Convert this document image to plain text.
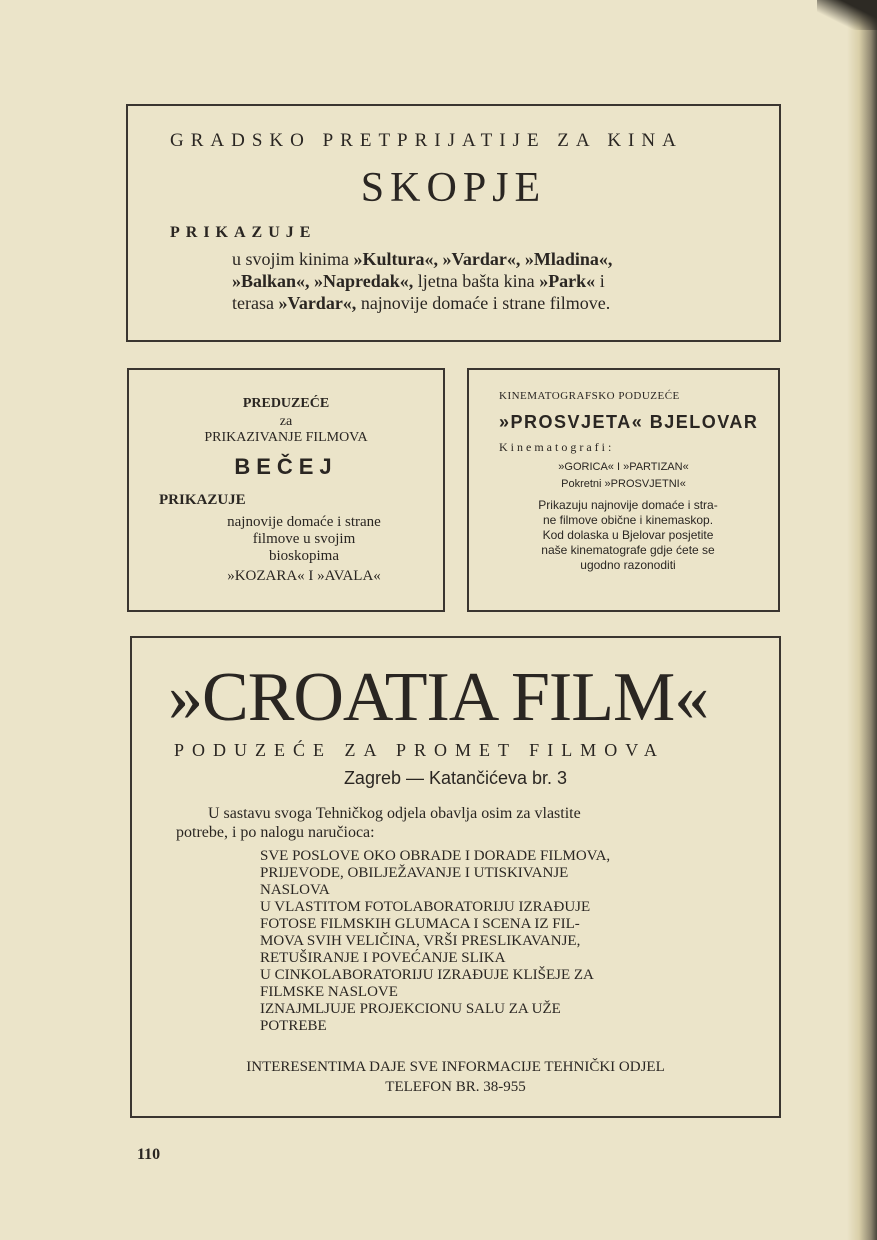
GRADSKO PRETPRIJATIJE ZA KINA
SKOPJE
PRIKAZUJE
u svojim kinima »Kultura«, »Vardar«, »Mladina«,
»Balkan«, »Napredak«, ljetna bašta kina »Park« i
terasa »Vardar«, najnovije domaće i strane filmove.
PREDUZEĆE
za
PRIKAZIVANJE FILMOVA
BEČEJ
PRIKAZUJE
najnovije domaće i strane
filmove u svojim
bioskopima
»KOZARA« I »AVALA«
KINEMATOGRAFSKO PODUZEĆE
»PROSVJETA« BJELOVAR
Kinematografi:
»GORICA« I »PARTIZAN«
Pokretni »PROSVJETNI«
Prikazuju najnovije domaće i stra-
ne filmove obične i kinemaskop.
Kod dolaska u Bjelovar posjetite
naše kinematografe gdje ćete se
ugodno razonoditi
»CROATIA FILM«
PODUZEĆE ZA PROMET FILMOVA
Zagreb — Katančićeva br. 3
U sastavu svoga Tehničkog odjela obavlja osim za vlastite
potrebe, i po nalogu naručioca:
SVE POSLOVE OKO OBRADE I DORADE FILMOVA,
PRIJEVODE, OBILJEŽAVANJE I UTISKIVANJE
NASLOVA
U VLASTITOM FOTOLABORATORIJU IZRAĐUJE
FOTOSE FILMSKIH GLUMACA I SCENA IZ FIL-
MOVA SVIH VELIČINA, VRŠI PRESLIKAVANJE,
RETUŠIRANJE I POVEĆANJE SLIKA
U CINKOLABORATORIJU IZRAĐUJE KLIŠEJE ZA
FILMSKE NASLOVE
IZNAJMLJUJE PROJEKCIONU SALU ZA UŽE
POTREBE
INTERESENTIMA DAJE SVE INFORMACIJE TEHNIČKI ODJEL
TELEFON BR. 38-955
110
